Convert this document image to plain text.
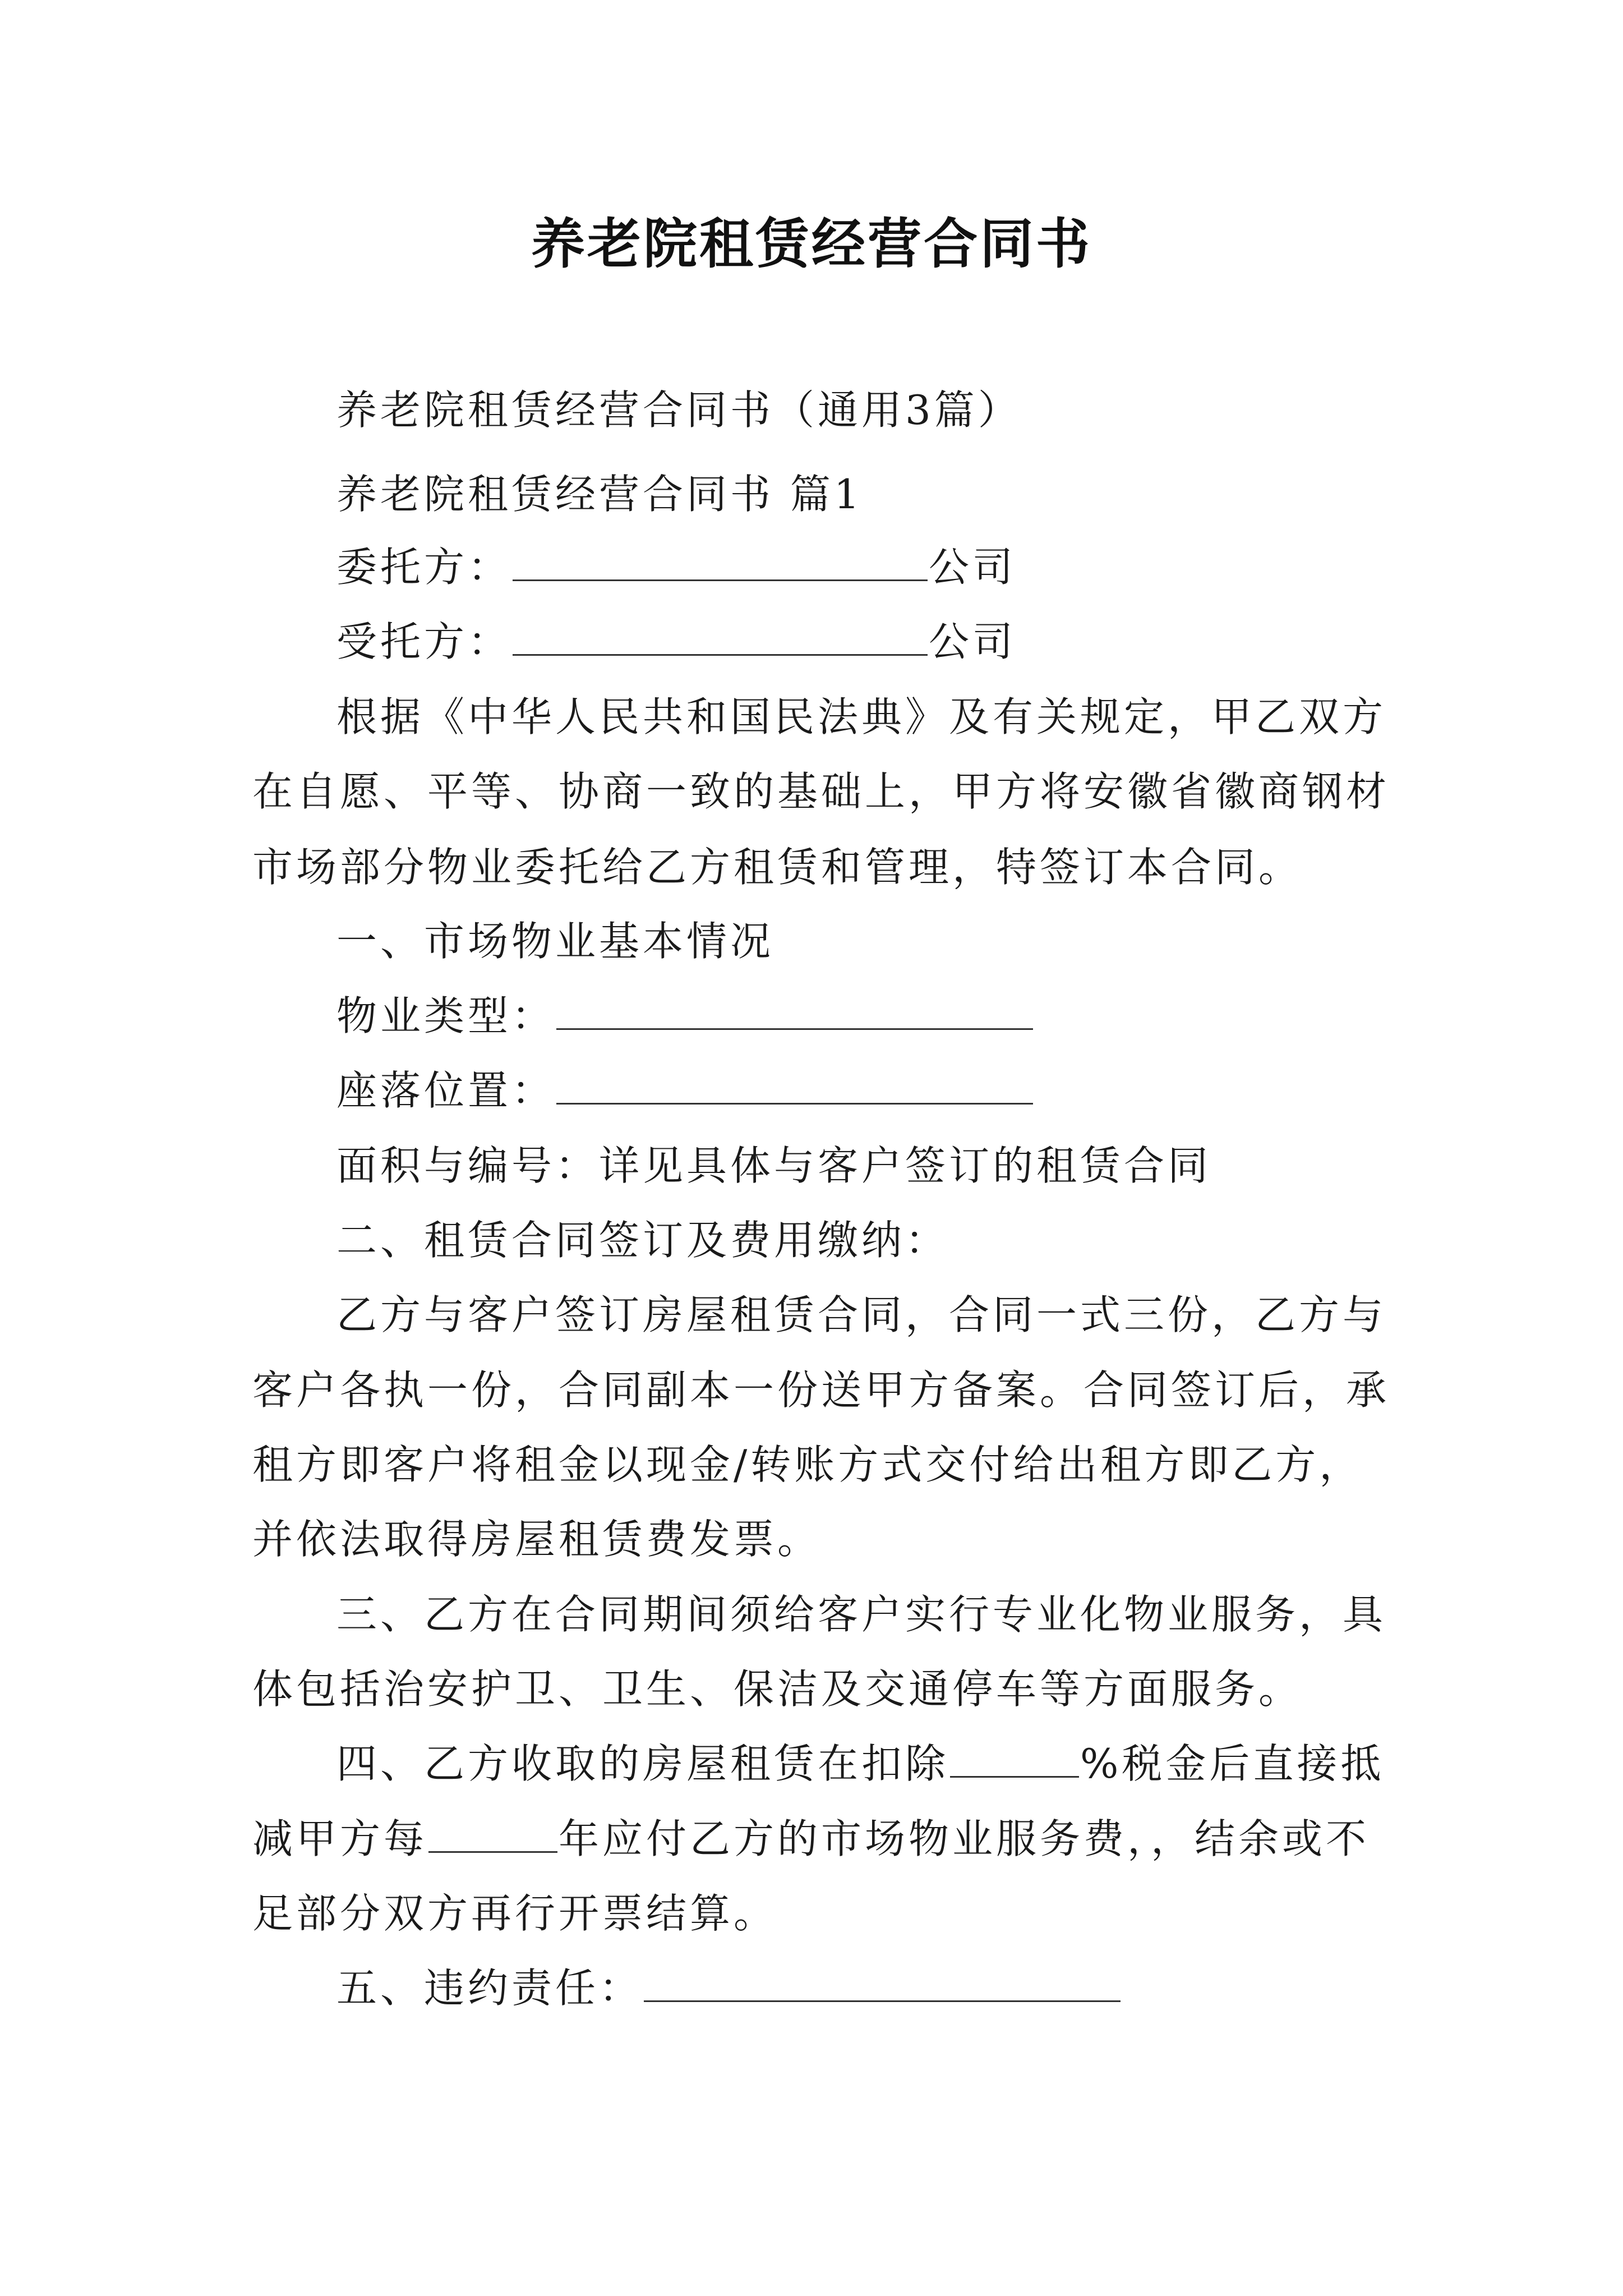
养老院租赁经营合同书
养老院租赁经营合同书（通用3篇）
养老院租赁经营合同书 篇1
委托方：	公司
受托方：	公司
根据《中华人民共和国民法典》及有关规定，甲乙双方
在自愿、平等、协商一致的基础上，甲方将安徽省徽商钢材
市场部分物业委托给乙方租赁和管理，特签订本合同。
一、市场物业基本情况
物业类型：
座落位置：
面积与编号：详见具体与客户签订的租赁合同
二、租赁合同签订及费用缴纳：
乙方与客户签订房屋租赁合同，合同一式三份，乙方与
客户各执一份，合同副本一份送甲方备案。合同签订后，承
租方即客户将租金以现金/转账方式交付给出租方即乙方，
并依法取得房屋租赁费发票。
三、乙方在合同期间须给客户实行专业化物业服务，具
体包括治安护卫、卫生、保洁及交通停车等方面服务。
四、乙方收取的房屋租赁在扣除	%税金后直接抵
减甲方每	年应付乙方的市场物业服务费，，结余或不
足部分双方再行开票结算。
五、违约责任：
